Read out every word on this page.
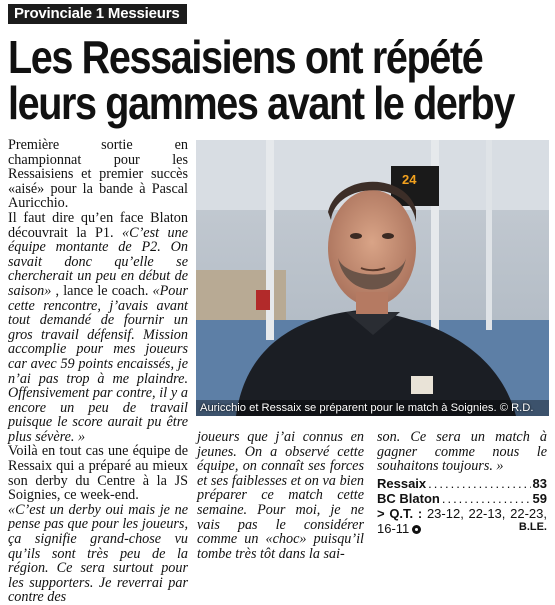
Provinciale 1 Messieurs
Les Ressaisiens ont répété
leurs gammes avant le derby

Première sortie en championnat pour les Ressaisiens et premier succès «aisé» pour la bande à Pascal Auricchio.

Il faut dire qu’en face Blaton découvrait la P1. «C’est une équipe montante de P2. On savait donc qu’elle se chercherait un peu en début de saison» , lance le coach. «Pour cette rencontre, j’avais avant tout demandé de fournir un gros travail défensif. Mission accomplie pour mes joueurs car avec 59 points encaissés, je n’ai pas trop à me plaindre. Offensivement par contre, il y a encore un peu de travail puisque le score aurait pu être plus sévère. »

Voilà en tout cas une équipe de Ressaix qui a préparé au mieux son derby du Centre à la JS Soignies, ce week-end.

«C’est un derby oui mais je ne pense pas que pour les joueurs, ça signifie grand-chose vu qu’ils sont très peu de la région. Ce sera surtout pour les supporters. Je reverrai par contre des

24
Auricchio et Ressaix se préparent pour le match à Soignies. © R.D.

joueurs que j’ai connus en jeunes. On a observé cette équipe, on connaît ses forces et ses faiblesses et on va bien préparer ce match cette semaine. Pour moi, je ne vais pas le considérer comme un «choc» puisqu’il tombe très tôt dans la sai-

son. Ce sera un match à gagner comme nous le souhaitons toujours. »

Ressaix .....	83
BC Blaton .....	59
> Q.T. : 23-12, 22-13, 22-23, 16-11	B.LE.
